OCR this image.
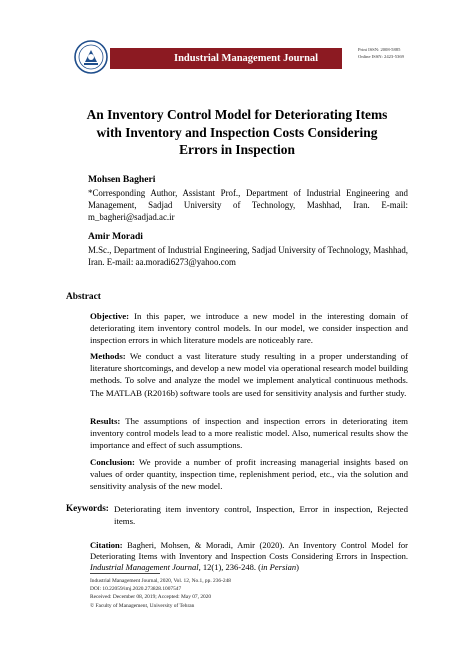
Industrial Management Journal
Print ISSN: 2008-5885
Online ISSN: 2423-5369
An Inventory Control Model for Deteriorating Items
with Inventory and Inspection Costs Considering
Errors in Inspection
Mohsen Bagheri
*Corresponding Author, Assistant Prof., Department of Industrial Engineering and Management, Sadjad University of Technology, Mashhad, Iran. E-mail: m_bagheri@sadjad.ac.ir
Amir Moradi
M.Sc., Department of Industrial Engineering, Sadjad University of Technology, Mashhad, Iran. E-mail: aa.moradi6273@yahoo.com
Abstract
Objective: In this paper, we introduce a new model in the interesting domain of deteriorating item inventory control models. In our model, we consider inspection and inspection errors in which literature models are noticeably rare.
Methods: We conduct a vast literature study resulting in a proper understanding of literature shortcomings, and develop a new model via operational research model building methods. To solve and analyze the model we implement analytical continuous methods. The MATLAB (R2016b) software tools are used for sensitivity analysis and further study.
Results: The assumptions of inspection and inspection errors in deteriorating item inventory control models lead to a more realistic model. Also, numerical results show the importance and effect of such assumptions.
Conclusion: We provide a number of profit increasing managerial insights based on values of order quantity, inspection time, replenishment period, etc., via the solution and sensitivity analysis of the new model.
Keywords: Deteriorating item inventory control, Inspection, Error in inspection, Rejected items.
Citation: Bagheri, Mohsen, & Moradi, Amir (2020). An Inventory Control Model for Deteriorating Items with Inventory and Inspection Costs Considering Errors in Inspection. Industrial Management Journal, 12(1), 236-248. (in Persian)
Industrial Management Journal, 2020, Vol. 12, No.1, pp. 236-248
DOI: 10.22059/imj.2020.273828.1007547
Received: December 08, 2019; Accepted: May 07, 2020
© Faculty of Management, University of Tehran
